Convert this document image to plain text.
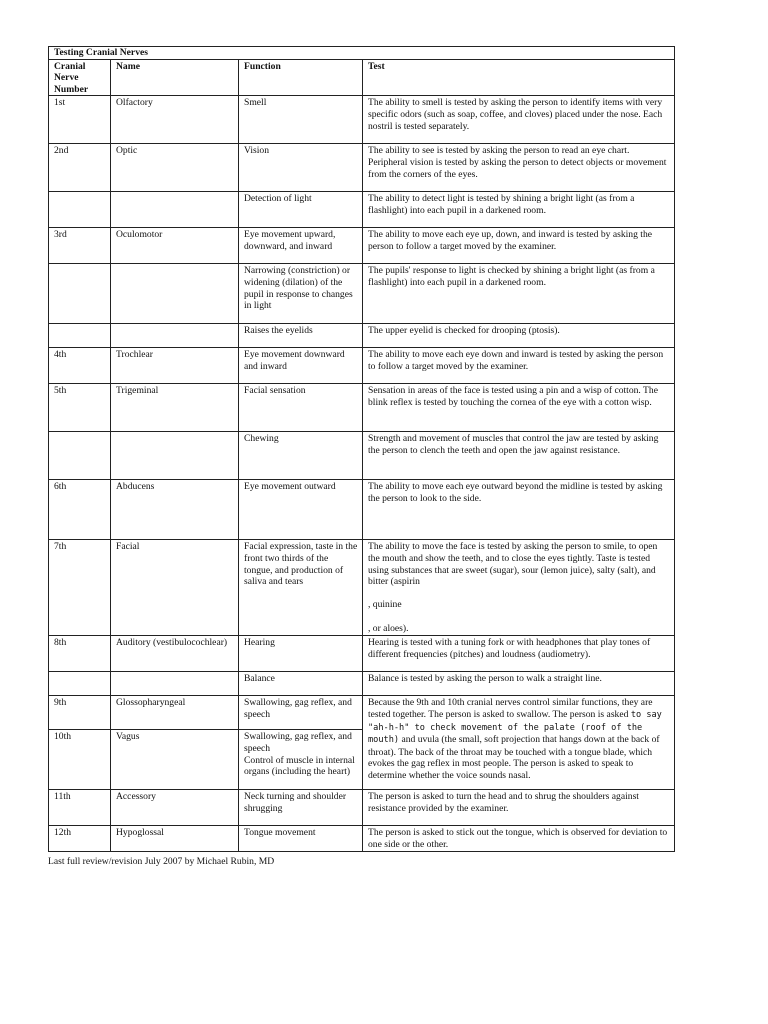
Testing Cranial Nerves			
Cranial
Nerve
Number	Name	Function	Test
1st	Olfactory	Smell	The ability to smell is tested by asking the person to identify items with very specific odors (such as soap, coffee, and cloves) placed under the nose. Each nostril is tested separately.
2nd	Optic	Vision	The ability to see is tested by asking the person to read an eye chart. Peripheral vision is tested by asking the person to detect objects or movement from the corners of the eyes.
		Detection of light	The ability to detect light is tested by shining a bright light (as from a flashlight) into each pupil in a darkened room.
3rd	Oculomotor	Eye movement upward, downward, and inward	The ability to move each eye up, down, and inward is tested by asking the person to follow a target moved by the examiner.
		Narrowing (constriction) or widening (dilation) of the pupil in response to changes in light	The pupils' response to light is checked by shining a bright light (as from a flashlight) into each pupil in a darkened room.
		Raises the eyelids	The upper eyelid is checked for drooping (ptosis).
4th	Trochlear	Eye movement downward and inward	The ability to move each eye down and inward is tested by asking the person to follow a target moved by the examiner.
5th	Trigeminal	Facial sensation	Sensation in areas of the face is tested using a pin and a wisp of cotton. The blink reflex is tested by touching the cornea of the eye with a cotton wisp.
		Chewing	Strength and movement of muscles that control the jaw are tested by asking the person to clench the teeth and open the jaw against resistance.
6th	Abducens	Eye movement outward	The ability to move each eye outward beyond the midline is tested by asking the person to look to the side.
7th	Facial	Facial expression, taste in the front two thirds of the tongue, and production of saliva and tears	The ability to move the face is tested by asking the person to smile, to open the mouth and show the teeth, and to close the eyes tightly. Taste is tested using substances that are sweet (sugar), sour (lemon juice), salty (salt), and bitter (aspirin

, quinine

, or aloes).
8th	Auditory (vestibulocochlear)	Hearing	Hearing is tested with a tuning fork or with headphones that play tones of different frequencies (pitches) and loudness (audiometry).
		Balance	Balance is tested by asking the person to walk a straight line.
9th	Glossopharyngeal	Swallowing, gag reflex, and speech	Because the 9th and 10th cranial nerves control similar functions, they are tested together. The person is asked to swallow. The person is asked to say "ah-h-h" to check movement of the palate (roof of the mouth) and uvula (the small, soft projection that hangs down at the back of throat). The back of the throat may be touched with a tongue blade, which evokes the gag reflex in most people. The person is asked to speak to determine whether the voice sounds nasal.
10th	Vagus	Swallowing, gag reflex, and speech
Control of muscle in internal organs (including the heart)	

11th	Accessory	Neck turning and shoulder shrugging	The person is asked to turn the head and to shrug the shoulders against resistance provided by the examiner.
12th	Hypoglossal	Tongue movement	The person is asked to stick out the tongue, which is observed for deviation to one side or the other.
Last full review/revision July 2007 by Michael Rubin, MD
